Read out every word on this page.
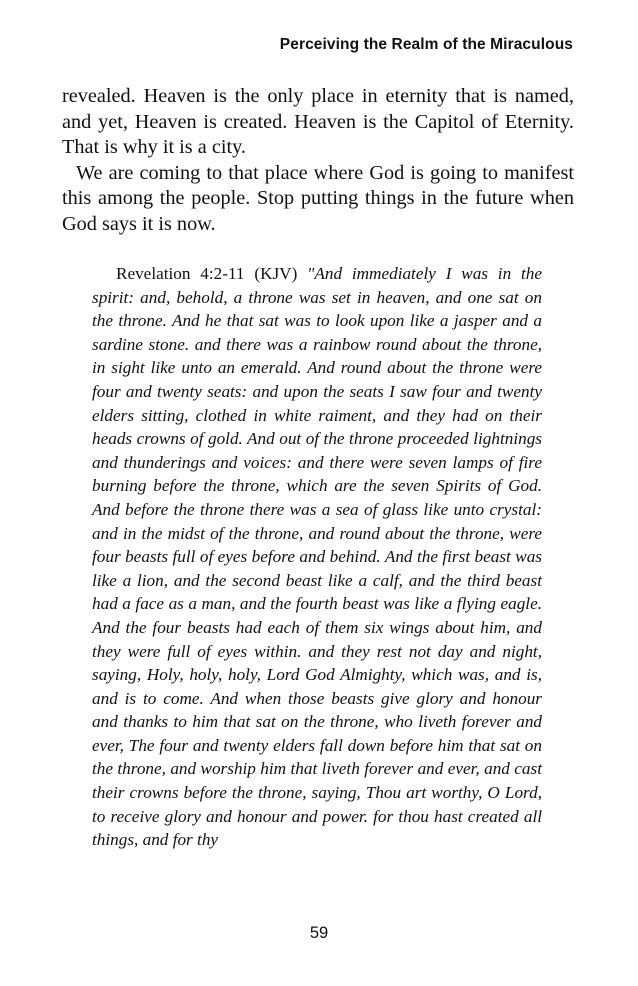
Perceiving the Realm of the Miraculous

revealed. Heaven is the only place in eternity that is named, and yet, Heaven is created. Heaven is the Capitol of Eternity. That is why it is a city.

We are coming to that place where God is going to manifest this among the people. Stop putting things in the future when God says it is now.

Revelation 4:2-11 (KJV) "And immediately I was in the spirit: and, behold, a throne was set in heaven, and one sat on the throne. And he that sat was to look upon like a jasper and a sardine stone. and there was a rainbow round about the throne, in sight like unto an emerald. And round about the throne were four and twenty seats: and upon the seats I saw four and twenty elders sitting, clothed in white raiment, and they had on their heads crowns of gold. And out of the throne proceeded lightnings and thunderings and voices: and there were seven lamps of fire burning before the throne, which are the seven Spirits of God. And before the throne there was a sea of glass like unto crystal: and in the midst of the throne, and round about the throne, were four beasts full of eyes before and behind. And the first beast was like a lion, and the second beast like a calf, and the third beast had a face as a man, and the fourth beast was like a flying eagle. And the four beasts had each of them six wings about him, and they were full of eyes within. and they rest not day and night, saying, Holy, holy, holy, Lord God Almighty, which was, and is, and is to come. And when those beasts give glory and honour and thanks to him that sat on the throne, who liveth forever and ever, The four and twenty elders fall down before him that sat on the throne, and worship him that liveth forever and ever, and cast their crowns before the throne, saying, Thou art worthy, O Lord, to receive glory and honour and power. for thou hast created all things, and for thy
59
